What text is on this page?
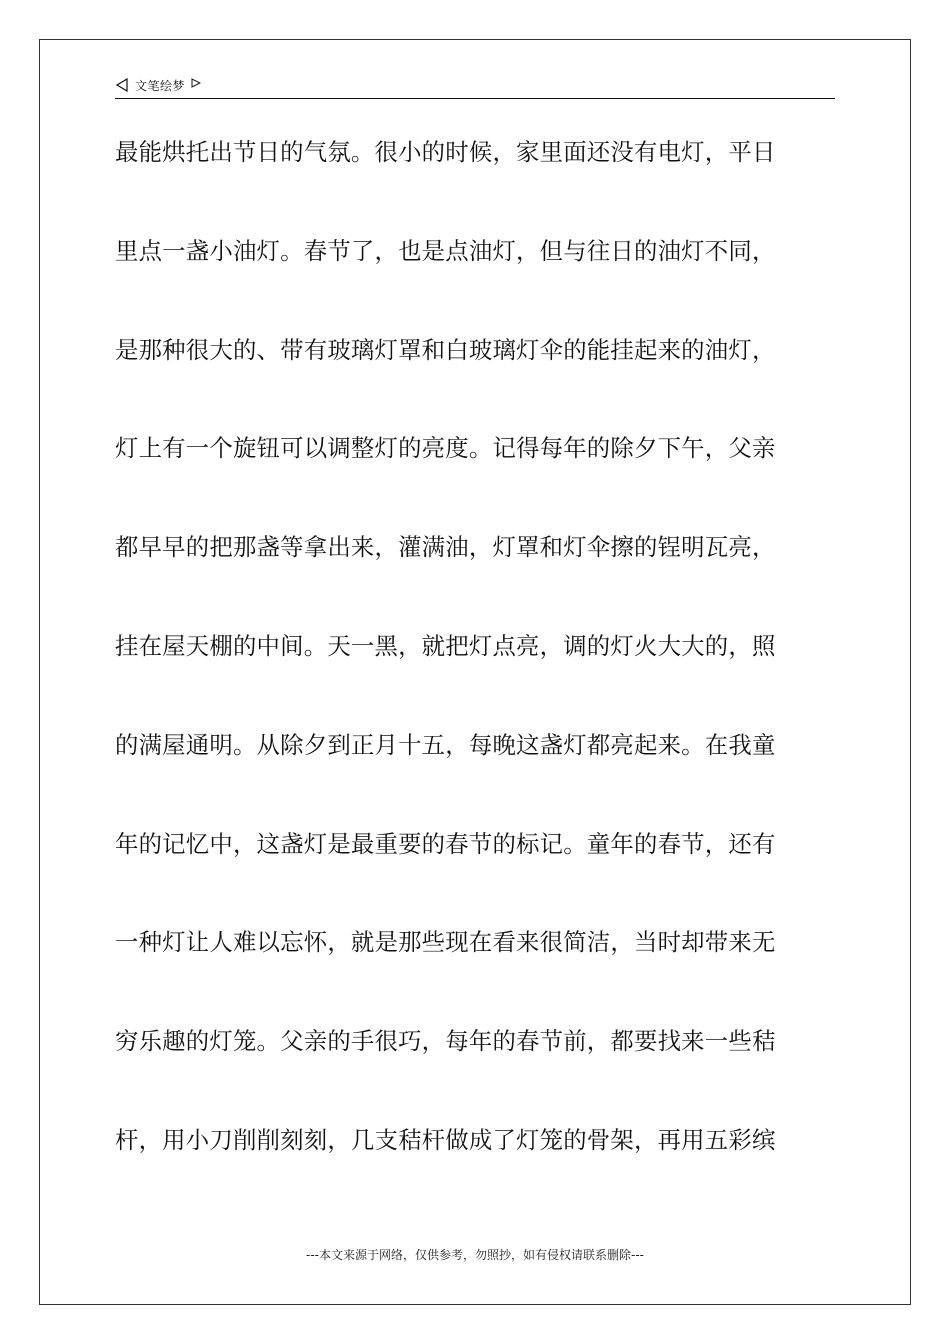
文笔绘梦
最能烘托出节日的气氛。很小的时候，家里面还没有电灯，平日
里点一盏小油灯。春节了，也是点油灯，但与往日的油灯不同，
是那种很大的、带有玻璃灯罩和白玻璃灯伞的能挂起来的油灯，
灯上有一个旋钮可以调整灯的亮度。记得每年的除夕下午，父亲
都早早的把那盏等拿出来，灌满油，灯罩和灯伞擦的锃明瓦亮，
挂在屋天棚的中间。天一黑，就把灯点亮，调的灯火大大的，照
的满屋通明。从除夕到正月十五，每晚这盏灯都亮起来。在我童
年的记忆中，这盏灯是最重要的春节的标记。童年的春节，还有
一种灯让人难以忘怀，就是那些现在看来很简洁，当时却带来无
穷乐趣的灯笼。父亲的手很巧，每年的春节前，都要找来一些秸
杆，用小刀削削刻刻，几支秸杆做成了灯笼的骨架，再用五彩缤
---本文来源于网络，仅供参考，勿照抄，如有侵权请联系删除---
